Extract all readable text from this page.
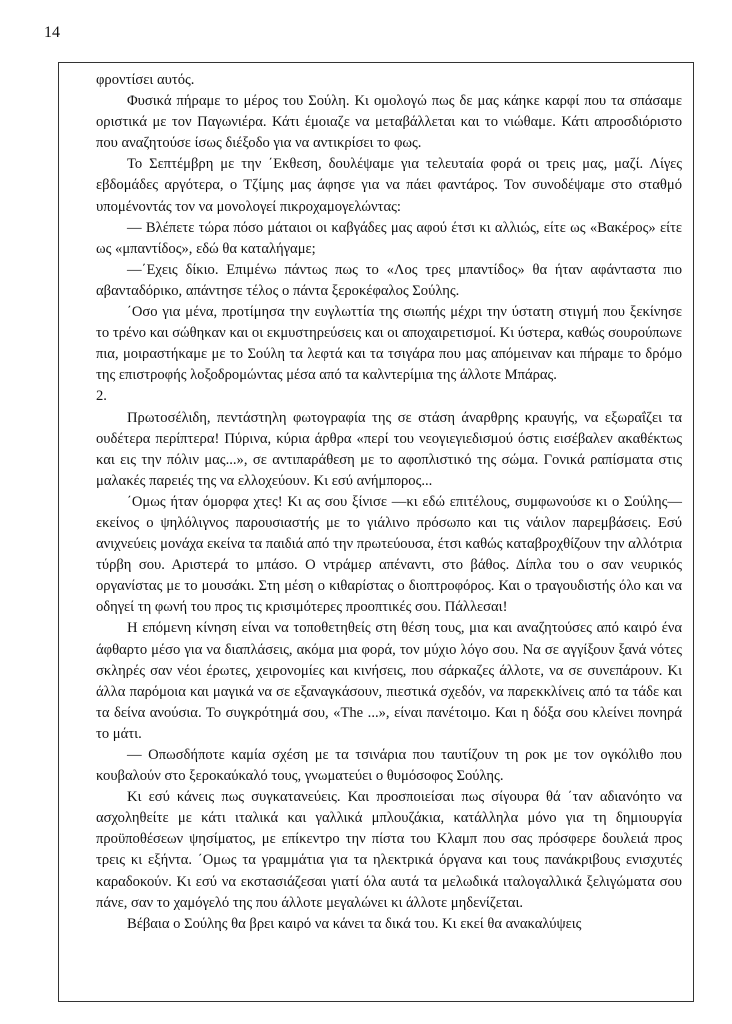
14

φροντίσει αυτός.

Φυσικά πήραμε το μέρος του Σούλη. Κι ομολογώ πως δε μας κάηκε καρφί που τα σπάσαμε οριστικά με τον Παγωνιέρα. Κάτι έμοιαζε να μεταβάλλεται και το νιώθαμε. Κάτι απροσδιόριστο που αναζητούσε ίσως διέξοδο για να αντικρίσει το φως.

Το Σεπτέμβρη με την ΄Εκθεση, δουλέψαμε για τελευταία φορά οι τρεις μας, μαζί. Λίγες εβδομάδες αργότερα, ο Τζίμης μας άφησε για να πάει φαντάρος. Τον συνοδέψαμε στο σταθμό υπομένοντάς τον να μονολογεί πικροχαμογελώντας:

— Βλέπετε τώρα πόσο μάταιοι οι καβγάδες μας αφού έτσι κι αλλιώς, είτε ως «Βακέρος» είτε ως «μπαντίδος», εδώ θα καταλήγαμε;

—΄Εχεις δίκιο. Επιμένω πάντως πως το «Λος τρες μπαντίδος» θα ήταν αφάνταστα πιο αβανταδόρικο, απάντησε τέλος ο πάντα ξεροκέφαλος Σούλης.

΄Οσο για μένα, προτίμησα την ευγλωττία της σιωπής μέχρι την ύστατη στιγμή που ξεκίνησε το τρένο και σώθηκαν και οι εκμυστηρεύσεις και οι αποχαιρετισμοί. Κι ύστερα, καθώς σουρούπωνε πια, μοιραστήκαμε με το Σούλη τα λεφτά και τα τσιγάρα που μας απόμειναν και πήραμε το δρόμο της επιστροφής λοξοδρομώντας μέσα από τα καλντερίμια της άλλοτε Μπάρας.

2.

Πρωτοσέλιδη, πεντάστηλη φωτογραφία της σε στάση άναρθρης κραυγής, να εξωραΐζει τα ουδέτερα περίπτερα! Πύρινα, κύρια άρθρα «περί του νεογιεγιεδισμού όστις εισέβαλεν ακαθέκτως και εις την πόλιν μας...», σε αντιπαράθεση με το αφοπλιστικό της σώμα. Γονικά ραπίσματα στις μαλακές παρειές της να ελλοχεύουν. Κι εσύ ανήμπορος...

΄Ομως ήταν όμορφα χτες! Κι ας σου ξίνισε —κι εδώ επιτέλους, συμφωνούσε κι ο Σούλης— εκείνος ο ψηλόλιγνος παρουσιαστής με το γιάλινο πρόσωπο και τις νάιλον παρεμβάσεις. Εσύ ανιχνεύεις μονάχα εκείνα τα παιδιά από την πρωτεύουσα, έτσι καθώς καταβροχθίζουν την αλλότρια τύρβη σου. Αριστερά το μπάσο. Ο ντράμερ απέναντι, στο βάθος. Δίπλα του ο σαν νευρικός οργανίστας με το μουσάκι. Στη μέση ο κιθαρίστας ο διοπτροφόρος. Και ο τραγουδιστής όλο και να οδηγεί τη φωνή του προς τις κρισιμότερες προοπτικές σου. Πάλλεσαι!

Η επόμενη κίνηση είναι να τοποθετηθείς στη θέση τους, μια και αναζητούσες από καιρό ένα άφθαρτο μέσο για να διαπλάσεις, ακόμα μια φορά, τον μύχιο λόγο σου. Να σε αγγίξουν ξανά νότες σκληρές σαν νέοι έρωτες, χειρονομίες και κινήσεις, που σάρκαζες άλλοτε, να σε συνεπάρουν. Κι άλλα παρόμοια και μαγικά να σε εξαναγκάσουν, πιεστικά σχεδόν, να παρεκκλίνεις από τα τάδε και τα δείνα ανούσια. Το συγκρότημά σου, «The ...», είναι πανέτοιμο. Και η δόξα σου κλείνει πονηρά το μάτι.

— Οπωσδήποτε καμία σχέση με τα τσινάρια που ταυτίζουν τη ροκ με τον ογκόλιθο που κουβαλούν στο ξεροκαύκαλό τους, γνωματεύει ο θυμόσοφος Σούλης.

Κι εσύ κάνεις πως συγκατανεύεις. Και προσποιείσαι πως σίγουρα θά ΄ταν αδιανόητο να ασχοληθείτε με κάτι ιταλικά και γαλλικά μπλουζάκια, κατάλληλα μόνο για τη δημιουργία προϋποθέσεων ψησίματος, με επίκεντρο την πίστα του Κλαμπ που σας πρόσφερε δουλειά προς τρεις κι εξήντα. ΄Ομως τα γραμμάτια για τα ηλεκτρικά όργανα και τους πανάκριβους ενισχυτές καραδοκούν. Κι εσύ να εκστασιάζεσαι γιατί όλα αυτά τα μελωδικά ιταλογαλλικά ξελιγώματα σου πάνε, σαν το χαμόγελό της που άλλοτε μεγαλώνει κι άλλοτε μηδενίζεται.

Βέβαια ο Σούλης θα βρει καιρό να κάνει τα δικά του. Κι εκεί θα ανακαλύψεις
